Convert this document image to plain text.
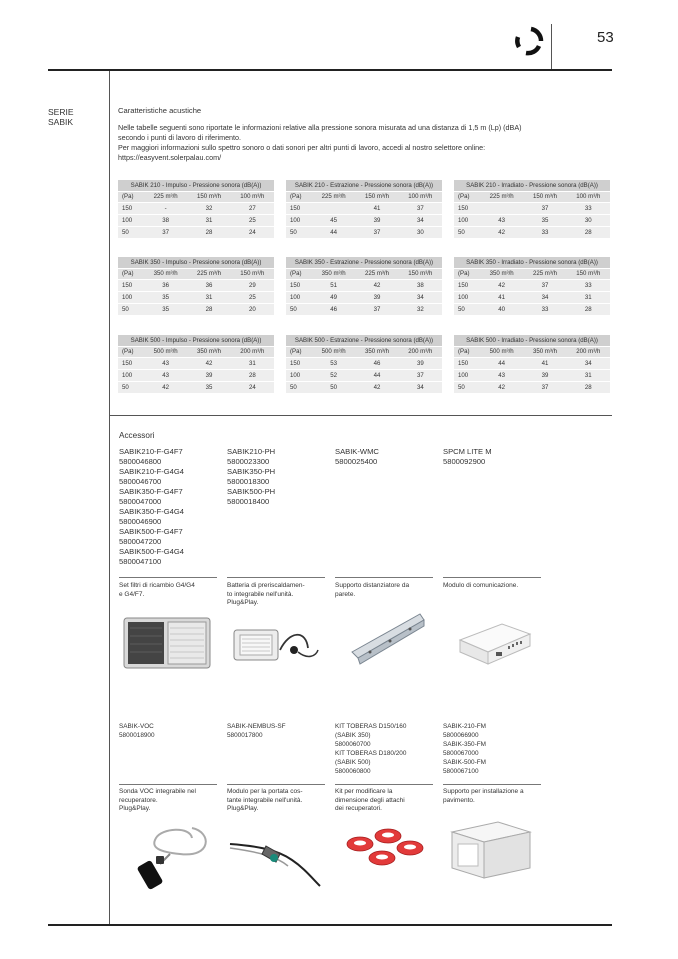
53
SERIE
SABIK
Caratteristiche acustiche
Nelle tabelle seguenti sono riportate le informazioni relative alla pressione sonora misurata ad una distanza di 1,5 m (Lp) (dBA)
secondo i punti di lavoro di riferimento.
Per maggiori informazioni sullo spettro sonoro o dati sonori per altri punti di lavoro, accedi al nostro selettore online:
https://easyvent.solerpalau.com/
SABIK 210 - Impulso - Pressione sonora (dB(A))			
(Pa)	225 m³/h	150 m³/h	100 m³/h
150	-	32	27
100	38	31	25
50	37	28	24
SABIK 210 - Estrazione - Pressione sonora (dB(A))			
(Pa)	225 m³/h	150 m³/h	100 m³/h
150		41	37
100	45	39	34
50	44	37	30
SABIK 210 - Irradiato - Pressione sonora (dB(A))			
(Pa)	225 m³/h	150 m³/h	100 m³/h
150		37	33
100	43	35	30
50	42	33	28
SABIK 350 - Impulso - Pressione sonora (dB(A))			
(Pa)	350 m³/h	225 m³/h	150 m³/h
150	36	36	29
100	35	31	25
50	35	28	20
SABIK 350 - Estrazione - Pressione sonora (dB(A))			
(Pa)	350 m³/h	225 m³/h	150 m³/h
150	51	42	38
100	49	39	34
50	46	37	32
SABIK 350 - Irradiato - Pressione sonora (dB(A))			
(Pa)	350 m³/h	225 m³/h	150 m³/h
150	42	37	33
100	41	34	31
50	40	33	28
SABIK 500 - Impulso - Pressione sonora (dB(A))			
(Pa)	500 m³/h	350 m³/h	200 m³/h
150	43	42	31
100	43	39	28
50	42	35	24
SABIK 500 - Estrazione - Pressione sonora (dB(A))			
(Pa)	500 m³/h	350 m³/h	200 m³/h
150	53	46	39
100	52	44	37
50	50	42	34
SABIK 500 - Irradiato - Pressione sonora (dB(A))			
(Pa)	500 m³/h	350 m³/h	200 m³/h
150	44	41	34
100	43	39	31
50	42	37	28
Accessori
SABIK210-F-G4F7
5800046800
SABIK210-F-G4G4
5800046700
SABIK350-F-G4F7
5800047000
SABIK350-F-G4G4
5800046900
SABIK500-F-G4F7
5800047200
SABIK500-F-G4G4
5800047100
SABIK210-PH
5800023300
SABIK350-PH
5800018300
SABIK500-PH
5800018400
SABIK-WMC
5800025400
SPCM LITE M
5800092900
Set filtri di ricambio G4/G4
e G4/F7.
Batteria di preriscaldamen-
to integrabile nell'unità.
Plug&Play.
Supporto distanziatore da
parete.
Modulo di comunicazione.
SABIK-VOC
5800018900
SABIK-NEMBUS-SF
5800017800
KIT TOBERAS D150/160
(SABIK 350)
5800060700
KIT TOBERAS D180/200
(SABIK 500)
5800060800
SABIK-210-FM
5800066900
SABIK-350-FM
5800067000
SABIK-500-FM
5800067100
Sonda VOC integrabile nel
recuperatore.
Plug&Play.
Modulo per la portata cos-
tante integrabile nell'unità.
Plug&Play.
Kit per modificare la
dimensione degli attachi
dei recuperatori.
Supporto per installazione a
pavimento.
